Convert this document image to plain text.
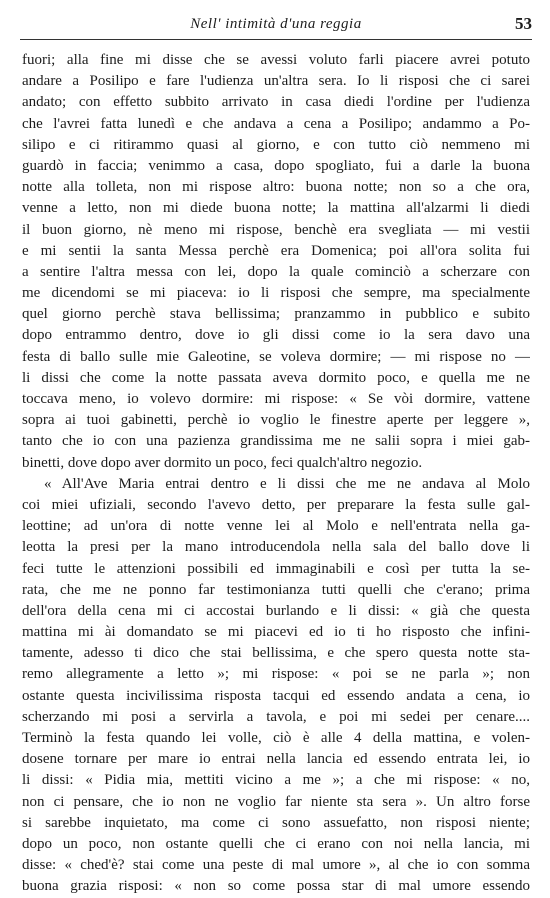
Nell' intimità d'una reggia	53
fuori; alla fine mi disse che se avessi voluto farli piacere avrei potuto
andare a Posilipo e fare l'udienza un'altra sera. Io li risposi che ci sarei
andato; con effetto subbito arrivato in casa diedi l'ordine per l'udienza
che l'avrei fatta lunedì e che andava a cena a Posilipo; andammo a Po-
silipo e ci ritirammo quasi al giorno, e con tutto ciò nemmeno mi
guardò in faccia; venimmo a casa, dopo spogliato, fui a darle la buona
notte alla tolleta, non mi rispose altro: buona notte; non so a che ora,
venne a letto, non mi diede buona notte; la mattina all'alzarmi li diedi
il buon giorno, nè meno mi rispose, benchè era svegliata — mi vestii
e mi sentii la santa Messa perchè era Domenica; poi all'ora solita fui
a sentire l'altra messa con lei, dopo la quale cominciò a scherzare con
me dicendomi se mi piaceva: io li risposi che sempre, ma specialmente
quel giorno perchè stava bellissima; pranzammo in pubblico e subito
dopo entrammo dentro, dove io gli dissi come io la sera davo una
festa di ballo sulle mie Galeotine, se voleva dormire; — mi rispose no —
li dissi che come la notte passata aveva dormito poco, e quella me ne
toccava meno, io volevo dormire: mi rispose: « Se vòi dormire, vattene
sopra ai tuoi gabinetti, perchè io voglio le finestre aperte per leggere »,
tanto che io con una pazienza grandissima me ne salii sopra i miei gab-
binetti, dove dopo aver dormito un poco, feci qualch'altro negozio.
« All'Ave Maria entrai dentro e li dissi che me ne andava al Molo
coi miei ufiziali, secondo l'avevo detto, per preparare la festa sulle gal-
leottine; ad un'ora di notte venne lei al Molo e nell'entrata nella ga-
leotta la presi per la mano introducendola nella sala del ballo dove li
feci tutte le attenzioni possibili ed immaginabili e così per tutta la se-
rata, che me ne ponno far testimonianza tutti quelli che c'erano; prima
dell'ora della cena mi ci accostai burlando e li dissi: « già che questa
mattina mi ài domandato se mi piacevi ed io ti ho risposto che infini-
tamente, adesso ti dico che stai bellissima, e che spero questa notte sta-
remo allegramente a letto »; mi rispose: « poi se ne parla »; non
ostante questa incivilissima risposta tacqui ed essendo andata a cena, io
scherzando mi posi a servirla a tavola, e poi mi sedei per cenare....
Terminò la festa quando lei volle, ciò è alle 4 della mattina, e volen-
dosene tornare per mare io entrai nella lancia ed essendo entrata lei, io
li dissi: « Pidia mia, mettiti vicino a me »; a che mi rispose: « no,
non ci pensare, che io non ne voglio far niente sta sera ». Un altro forse
si sarebbe inquietato, ma come ci sono assuefatto, non risposi niente;
dopo un poco, non ostante quelli che ci erano con noi nella lancia, mi
disse: « ched'è? stai come una peste di mal umore », al che io con somma
buona grazia risposi: « non so come possa star di mal umore essendo
